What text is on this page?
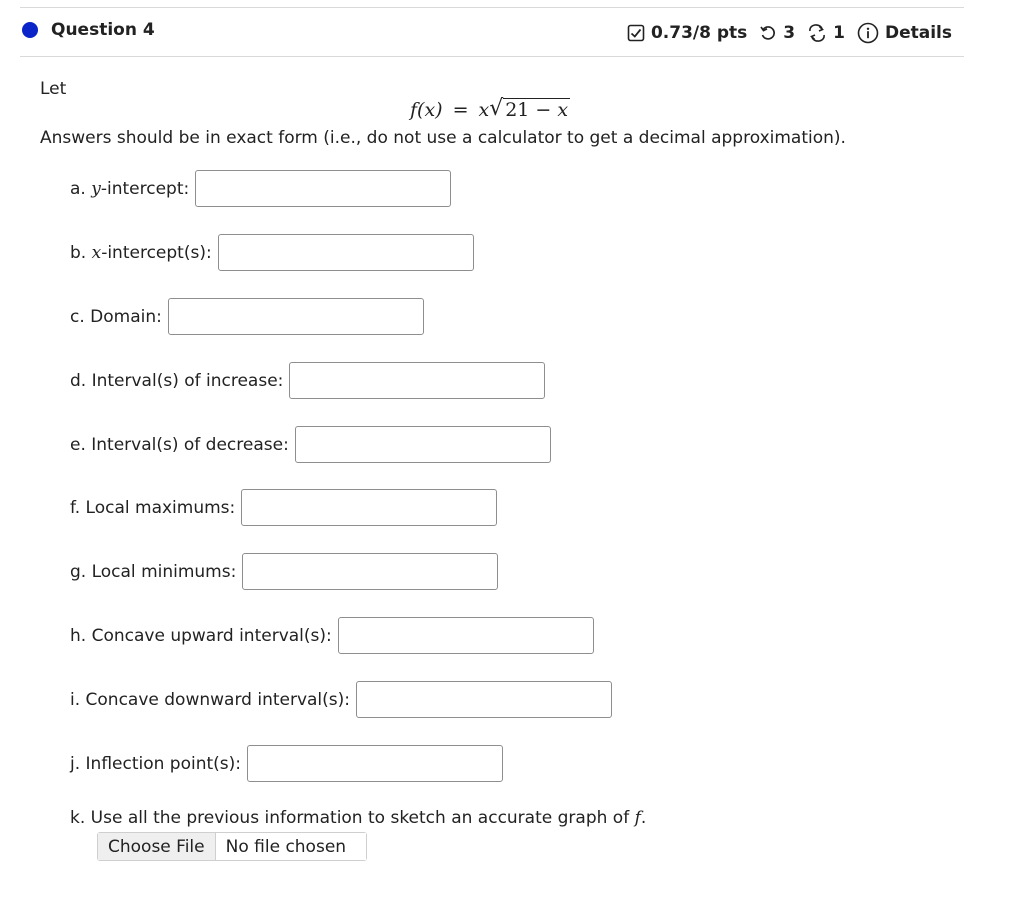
Question 4	0.73/8 pts 3 1 Details
Let
f(x) = x √ 21 − x
Answers should be in exact form (i.e., do not use a calculator to get a decimal approximation).
a. y-intercept:
b. x-intercept(s):
c. Domain:
d. Interval(s) of increase:
e. Interval(s) of decrease:
f. Local maximums:
g. Local minimums:
h. Concave upward interval(s):
i. Concave downward interval(s):
j. Inflection point(s):
k. Use all the previous information to sketch an accurate graph of f.
Choose File	No file chosen
